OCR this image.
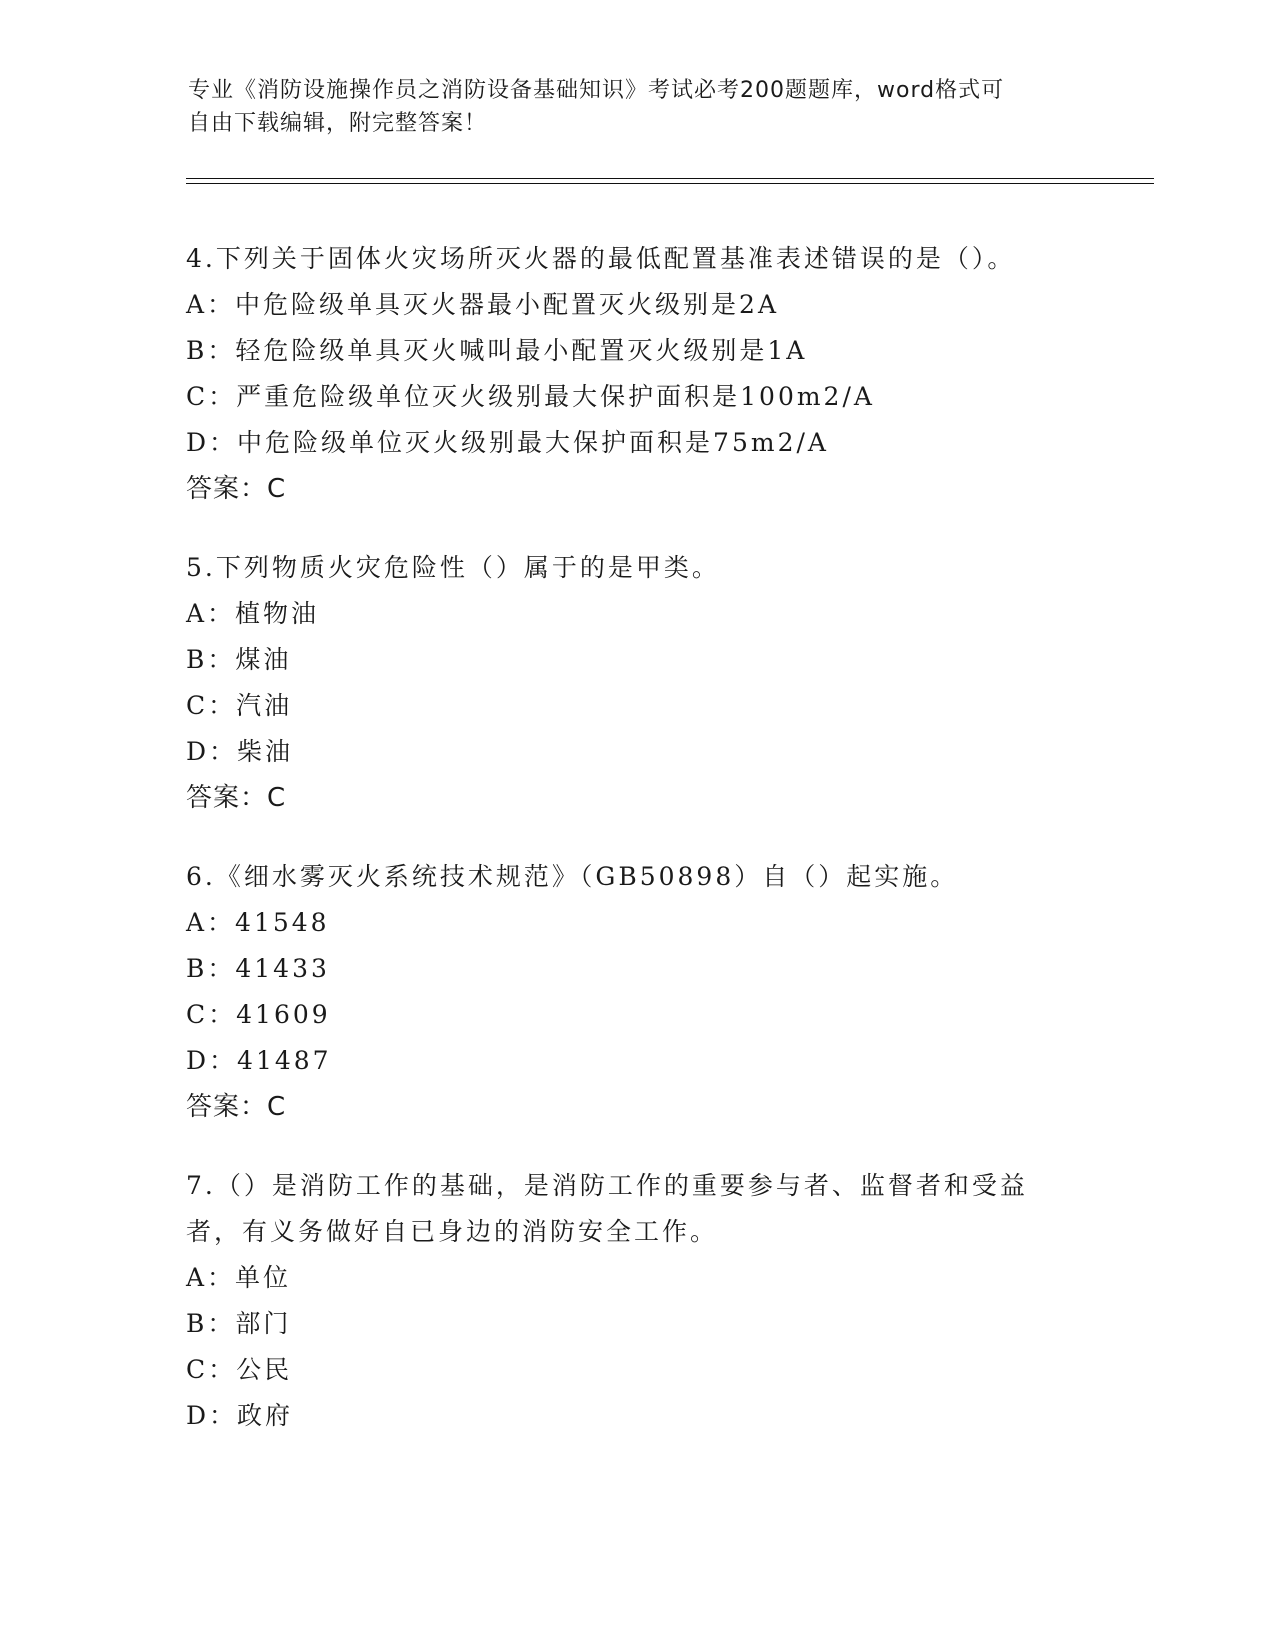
专业《消防设施操作员之消防设备基础知识》考试必考200题题库，word格式可
自由下载编辑，附完整答案！
4.下列关于固体火灾场所灭火器的最低配置基准表述错误的是（）。
A：中危险级单具灭火器最小配置灭火级别是2A
B：轻危险级单具灭火喊叫最小配置灭火级别是1A
C：严重危险级单位灭火级别最大保护面积是100m2/A
D：中危险级单位灭火级别最大保护面积是75m2/A
答案：C
5.下列物质火灾危险性（）属于的是甲类。
A：植物油
B：煤油
C：汽油
D：柴油
答案：C
6.《细水雾灭火系统技术规范》（GB50898）自（）起实施。
A：41548
B：41433
C：41609
D：41487
答案：C
7.（）是消防工作的基础，是消防工作的重要参与者、监督者和受益
者，有义务做好自已身边的消防安全工作。
A：单位
B：部门
C：公民
D：政府
